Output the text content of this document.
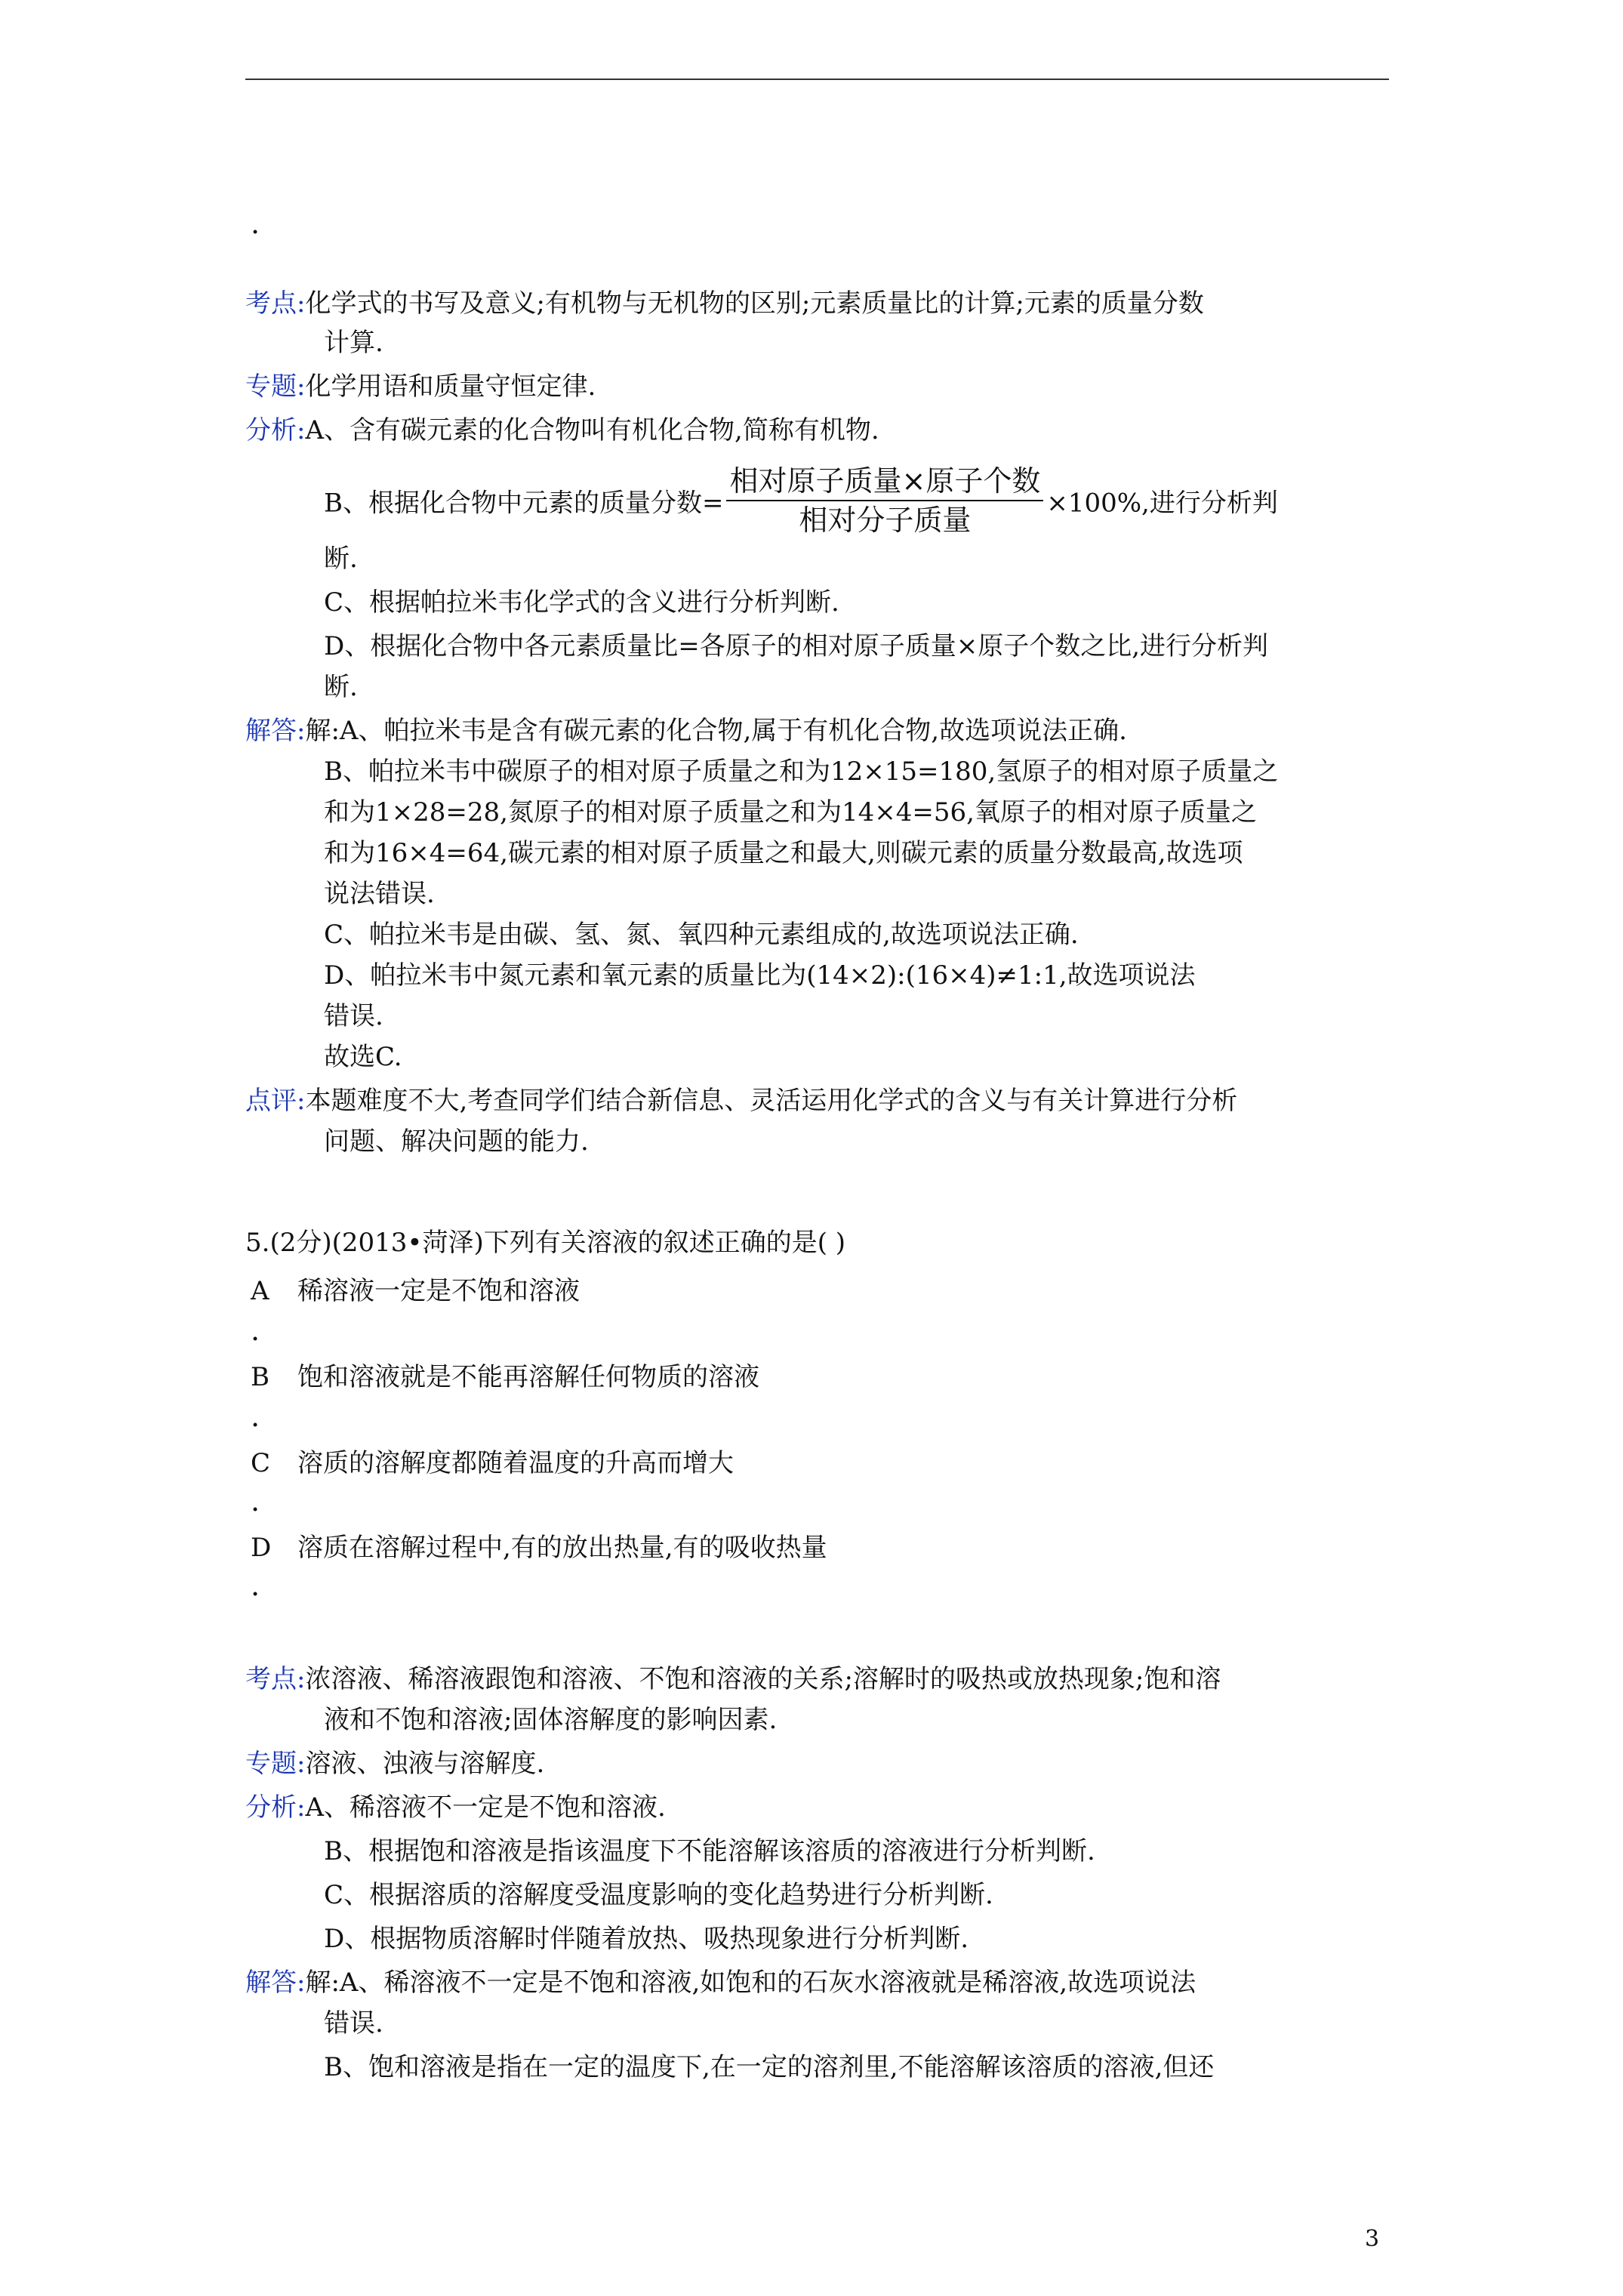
.
考点:化学式的书写及意义;有机物与无机物的区别;元素质量比的计算;元素的质量分数
计算.
专题:化学用语和质量守恒定律.
分析:A、含有碳元素的化合物叫有机化合物,简称有机物.
B、根据化合物中元素的质量分数= $\frac{\text{相对原子质量×原子个数}}{\text{相对分子质量}} \times 100\%$,进行分析判
断.
C、根据帕拉米韦化学式的含义进行分析判断.
D、根据化合物中各元素质量比=各原子的相对原子质量×原子个数之比,进行分析判
断.
解答:解:A、帕拉米韦是含有碳元素的化合物,属于有机化合物,故选项说法正确.
B、帕拉米韦中碳原子的相对原子质量之和为12×15=180,氢原子的相对原子质量之
和为1×28=28,氮原子的相对原子质量之和为14×4=56,氧原子的相对原子质量之
和为16×4=64,碳元素的相对原子质量之和最大,则碳元素的质量分数最高,故选项
说法错误.
C、帕拉米韦是由碳、氢、氮、氧四种元素组成的,故选项说法正确.
D、帕拉米韦中氮元素和氧元素的质量比为(14×2):(16×4)≠1:1,故选项说法
错误.
故选C.
点评:本题难度不大,考查同学们结合新信息、灵活运用化学式的含义与有关计算进行分析
问题、解决问题的能力.
5.(2分)(2013•菏泽)下列有关溶液的叙述正确的是( )
A 稀溶液一定是不饱和溶液
.
B 饱和溶液就是不能再溶解任何物质的溶液
.
C 溶质的溶解度都随着温度的升高而增大
.
D 溶质在溶解过程中,有的放出热量,有的吸收热量
.
考点:浓溶液、稀溶液跟饱和溶液、不饱和溶液的关系;溶解时的吸热或放热现象;饱和溶
液和不饱和溶液;固体溶解度的影响因素.
专题:溶液、浊液与溶解度.
分析:A、稀溶液不一定是不饱和溶液.
B、根据饱和溶液是指该温度下不能溶解该溶质的溶液进行分析判断.
C、根据溶质的溶解度受温度影响的变化趋势进行分析判断.
D、根据物质溶解时伴随着放热、吸热现象进行分析判断.
解答:解:A、稀溶液不一定是不饱和溶液,如饱和的石灰水溶液就是稀溶液,故选项说法
错误.
B、饱和溶液是指在一定的温度下,在一定的溶剂里,不能溶解该溶质的溶液,但还
3
